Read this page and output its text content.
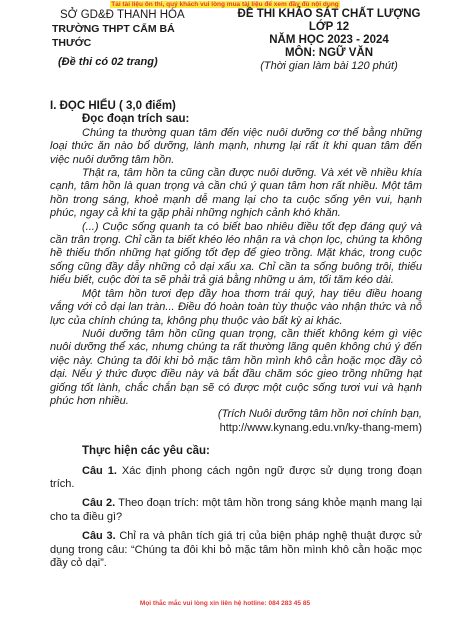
Tải tài liệu ôn thi, quý khách vui lòng mua tài liệu để xem đầy đủ nội dung
SỞ GD&Đ THANH HÓA
TRƯỜNG THPT CẨM BÁ
THƯỚC
(Đề thi có 02 trang)
ĐỀ THI KHẢO SÁT CHẤT LƯỢNG
LỚP 12
NĂM HỌC 2023 - 2024
MÔN: NGỮ VĂN
(Thời gian làm bài 120 phút)

I. ĐỌC HIỂU ( 3,0 điểm)

Đọc đoạn trích sau:

Chúng ta thường quan tâm đến việc nuôi dưỡng cơ thể bằng những loại thức ăn nào bổ dưỡng, lành mạnh, nhưng lại rất ít khi quan tâm đến việc nuôi dưỡng tâm hồn.

Thật ra, tâm hồn ta cũng cần được nuôi dưỡng. Và xét về nhiều khía cạnh, tâm hồn là quan trọng và cần chú ý quan tâm hơn rất nhiều. Một tâm hồn trong sáng, khoẻ mạnh dễ mang lại cho ta cuộc sống yên vui, hạnh phúc, ngay cả khi ta gặp phải những nghịch cảnh khó khăn.

(...) Cuộc sống quanh ta có biết bao nhiêu điều tốt đẹp đáng quý và cần trân trọng. Chỉ cần ta biết khéo léo nhận ra và chọn lọc, chúng ta không hề thiếu thốn những hạt giống tốt đẹp để gieo trồng. Mặt khác, trong cuộc sống cũng đầy dẫy những cỏ dại xấu xa. Chỉ cần ta sống buông trôi, thiếu hiểu biết, cuộc đời ta sẽ phải trả giá bằng những u ám, tối tăm kéo dài.

Một tâm hồn tươi đẹp đầy hoa thơm trái quý, hay tiêu điều hoang vắng với cỏ dại lan tràn... Điều đó hoàn toàn tùy thuộc vào nhận thức và nỗ lực của chính chúng ta, không phụ thuộc vào bất kỳ ai khác.

Nuôi dưỡng tâm hồn cũng quan trọng, cần thiết không kém gì việc nuôi dưỡng thể xác, nhưng chúng ta rất thường lãng quên không chú ý đến việc này. Chúng ta đôi khi bỏ mặc tâm hồn mình khô cằn hoặc mọc đầy cỏ dại. Nếu ý thức được điều này và bắt đầu chăm sóc gieo trồng những hạt giống tốt lành, chắc chắn bạn sẽ có được một cuộc sống tươi vui và hạnh phúc hơn nhiều.

(Trích Nuôi dưỡng tâm hồn nơi chính bạn,

http://www.kynang.edu.vn/ky-thang-mem)

Thực hiện các yêu cầu:

Câu 1. Xác định phong cách ngôn ngữ được sử dụng trong đoạn trích.

Câu 2. Theo đoạn trích: một tâm hồn trong sáng khỏe mạnh mang lại cho ta điều gì?

Câu 3. Chỉ ra và phân tích giá trị của biện pháp nghệ thuật được sử dụng trong câu: “Chúng ta đôi khi bỏ mặc tâm hồn mình khô cằn hoặc mọc đầy cỏ dại”.

Mọi thắc mắc vui lòng xin liên hệ hotline: 084 283 45 85
